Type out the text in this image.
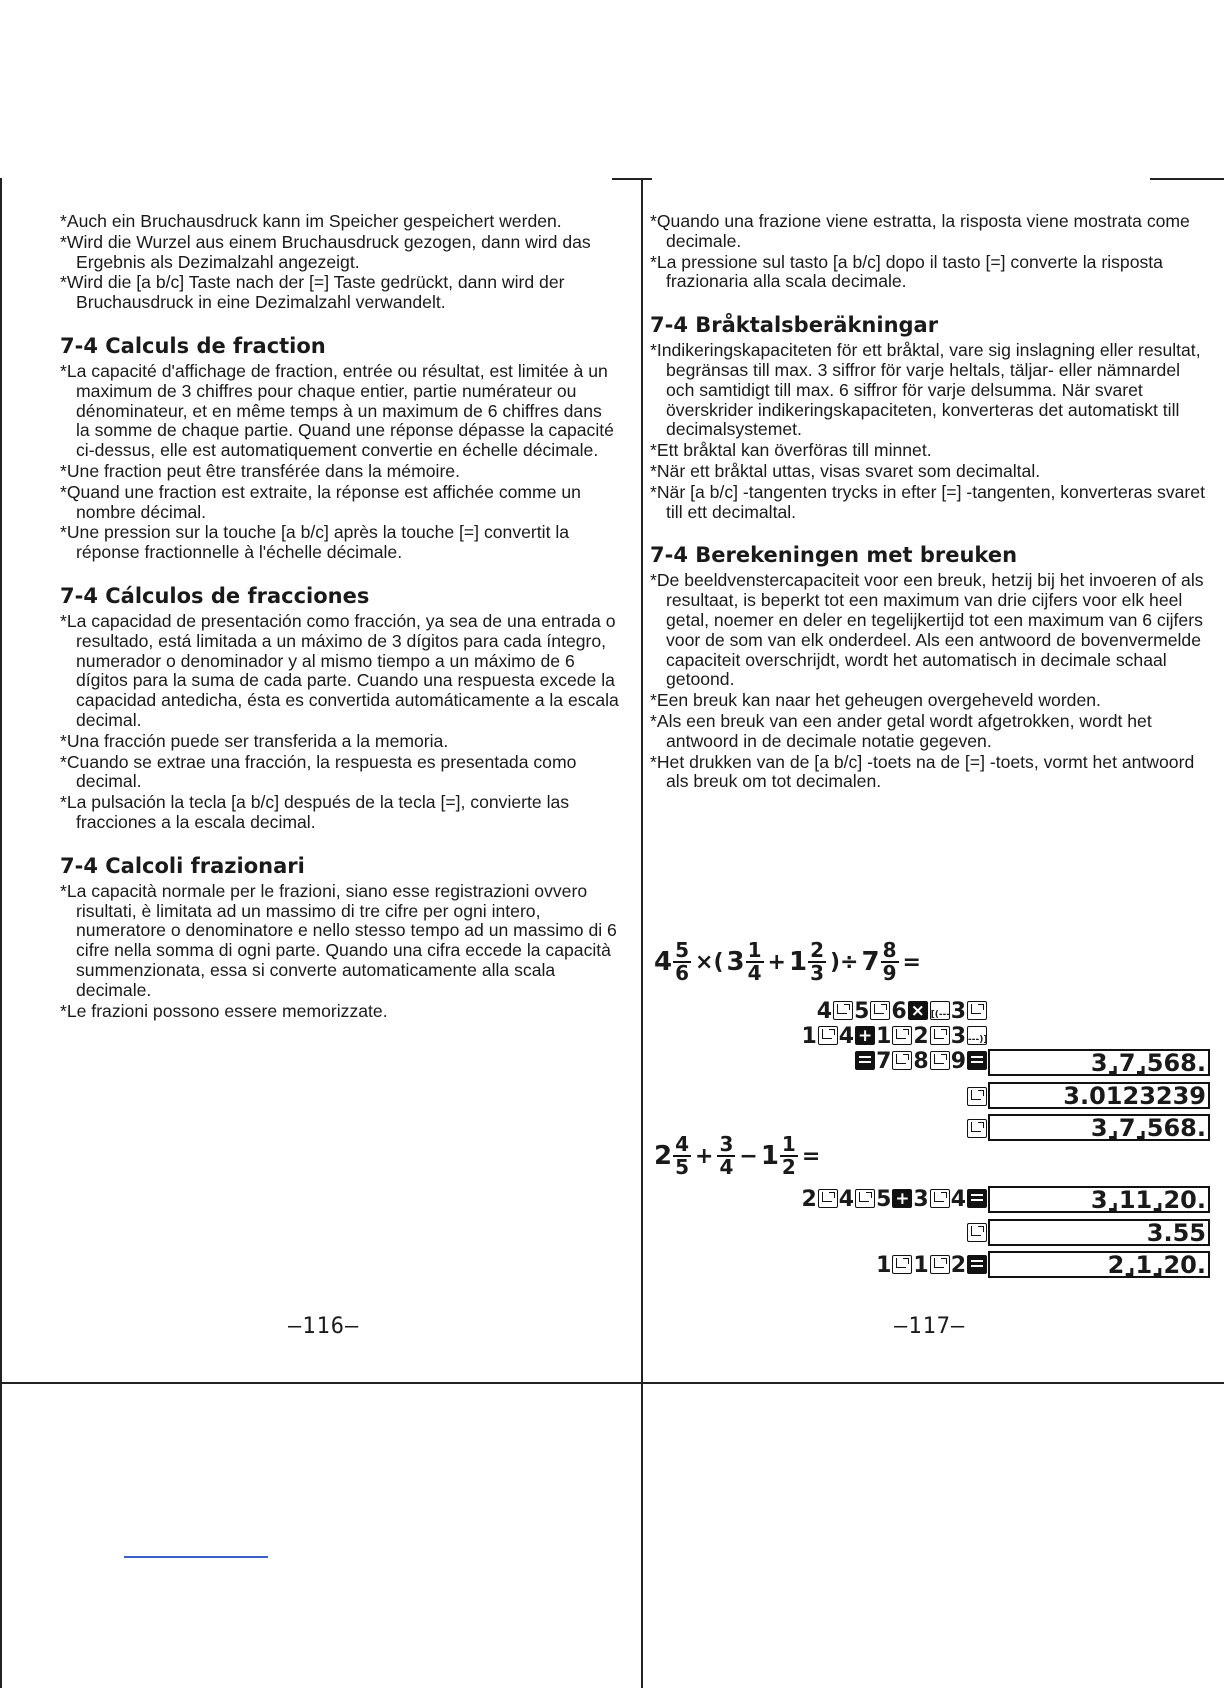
*Auch ein Bruchausdruck kann im Speicher gespeichert werden.
*Wird die Wurzel aus einem Bruchausdruck gezogen, dann wird das Ergebnis als Dezimalzahl angezeigt.
*Wird die [a b/c] Taste nach der [=] Taste gedrückt, dann wird der Bruchausdruck in eine Dezimalzahl verwandelt.
7-4 Calculs de fraction
*La capacité d'affichage de fraction, entrée ou résultat, est limitée à un maximum de 3 chiffres pour chaque entier, partie numérateur ou dénominateur, et en même temps à un maximum de 6 chiffres dans la somme de chaque partie. Quand une réponse dépasse la capacité ci-dessus, elle est automatiquement convertie en échelle décimale.
*Une fraction peut être transférée dans la mémoire.
*Quand une fraction est extraite, la réponse est affichée comme un nombre décimal.
*Une pression sur la touche [a b/c] après la touche [=] convertit la réponse fractionnelle à l'échelle décimale.
7-4 Cálculos de fracciones
*La capacidad de presentación como fracción, ya sea de una entrada o resultado, está limitada a un máximo de 3 dígitos para cada íntegro, numerador o denominador y al mismo tiempo a un máximo de 6 dígitos para la suma de cada parte. Cuando una respuesta excede la capacidad antedicha, ésta es convertida automáticamente a la escala decimal.
*Una fracción puede ser transferida a la memoria.
*Cuando se extrae una fracción, la respuesta es presentada como decimal.
*La pulsación la tecla [a b/c] después de la tecla [=], convierte las fracciones a la escala decimal.
7-4 Calcoli frazionari
*La capacità normale per le frazioni, siano esse registrazioni ovvero risultati, è limitata ad un massimo di tre cifre per ogni intero, numeratore o denominatore e nello stesso tempo ad un massimo di 6 cifre nella somma di ogni parte. Quando una cifra eccede la capacità summenzionata, essa si converte automaticamente alla scala decimale.
*Le frazioni possono essere memorizzate.
—116—
*Quando una frazione viene estratta, la risposta viene mostrata come decimale.
*La pressione sul tasto [a b/c] dopo il tasto [=] converte la risposta frazionaria alla scala decimale.
7-4 Bråktalsberäkningar
*Indikeringskapaciteten för ett bråktal, vare sig inslagning eller resultat, begränsas till max. 3 siffror för varje heltals, täljar- eller nämnardel och samtidigt till max. 6 siffror för varje delsumma. När svaret överskrider indikeringskapaciteten, konverteras det automatiskt till decimalsystemet.
*Ett bråktal kan överföras till minnet.
*När ett bråktal uttas, visas svaret som decimaltal.
*När [a b/c] -tangenten trycks in efter [=] -tangenten, konverteras svaret till ett decimaltal.
7-4 Berekeningen met breuken
*De beeldvenstercapaciteit voor een breuk, hetzij bij het invoeren of als resultaat, is beperkt tot een maximum van drie cijfers voor elk heel getal, noemer en deler en tegelijkertijd tot een maximum van 6 cijfers voor de som van elk onderdeel. Als een antwoord de bovenvermelde capaciteit overschrijdt, wordt het automatisch in decimale schaal getoond.
*Een breuk kan naar het geheugen overgeheveld worden.
*Als een breuk van een ander getal wordt afgetrokken, wordt het antwoord in de decimale notatie gegeven.
*Het drukken van de [a b/c] -toets na de [=] -toets, vormt het antwoord als breuk om tot decimalen.
$4 \frac{5}{6}$ ×( $3 \frac{1}{4} + 1 \frac{2}{3}$ )÷ $7 \frac{8}{9}$ =
4 5 6 × [(--- 3
1 4 + 1 2 3---)]
7 8 9	3⌟7⌟568.
3.0123239
3⌟7⌟568.
$2 \frac{4}{5} + \frac{3}{4} - 1 \frac{1}{2}$ =
2 4 5 + 3 4
1 1 2
3⌟11⌟20.
3.55
2⌟1⌟20.
—117—
